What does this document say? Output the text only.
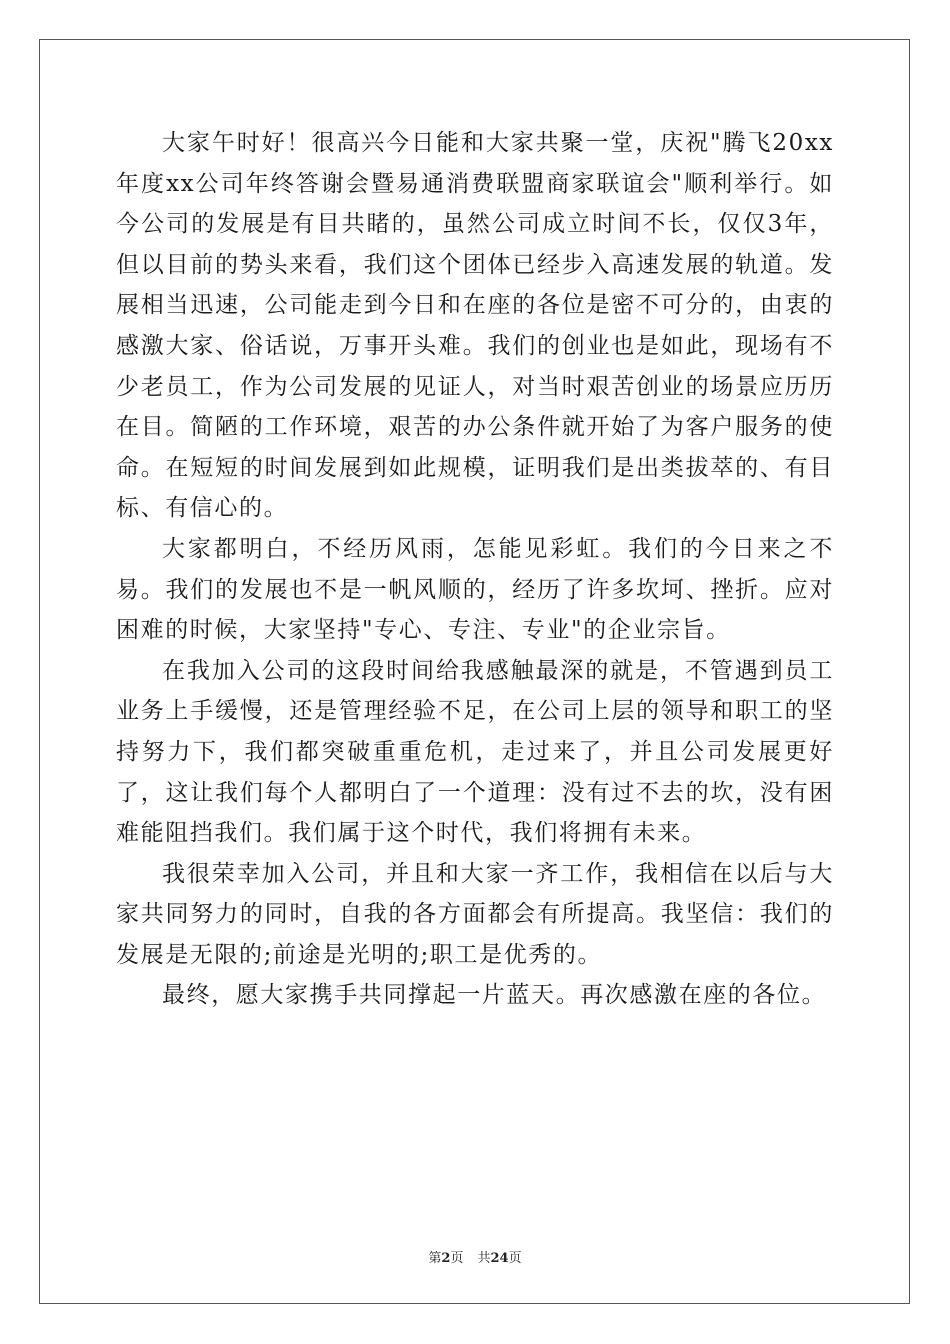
大家午时好！很高兴今日能和大家共聚一堂，庆祝"腾飞20xx年度xx公司年终答谢会暨易通消费联盟商家联谊会"顺利举行。如今公司的发展是有目共睹的，虽然公司成立时间不长，仅仅3年，但以目前的势头来看，我们这个团体已经步入高速发展的轨道。发展相当迅速，公司能走到今日和在座的各位是密不可分的，由衷的感激大家、俗话说，万事开头难。我们的创业也是如此，现场有不少老员工，作为公司发展的见证人，对当时艰苦创业的场景应历历在目。简陋的工作环境，艰苦的办公条件就开始了为客户服务的使命。在短短的时间发展到如此规模，证明我们是出类拔萃的、有目标、有信心的。

大家都明白，不经历风雨，怎能见彩虹。我们的今日来之不易。我们的发展也不是一帆风顺的，经历了许多坎坷、挫折。应对困难的时候，大家坚持"专心、专注、专业"的企业宗旨。

在我加入公司的这段时间给我感触最深的就是，不管遇到员工业务上手缓慢，还是管理经验不足，在公司上层的领导和职工的坚持努力下，我们都突破重重危机，走过来了，并且公司发展更好了，这让我们每个人都明白了一个道理：没有过不去的坎，没有困难能阻挡我们。我们属于这个时代，我们将拥有未来。

我很荣幸加入公司，并且和大家一齐工作，我相信在以后与大家共同努力的同时，自我的各方面都会有所提高。我坚信：我们的发展是无限的;前途是光明的;职工是优秀的。

最终，愿大家携手共同撑起一片蓝天。再次感激在座的各位。

第2页 共24页
